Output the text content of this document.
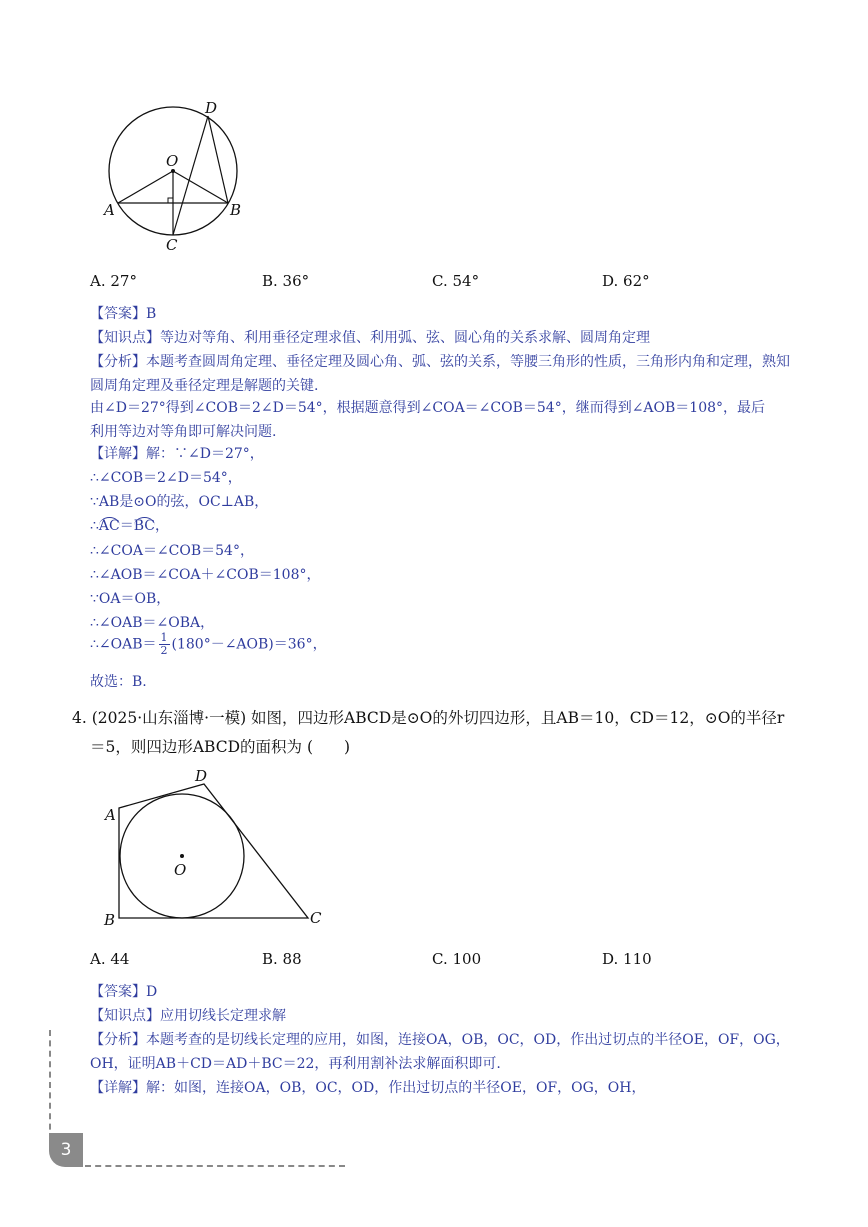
D
O
A	B
C
A. 27°	B. 36°	C. 54°	D. 62°
【答案】B
【知识点】等边对等角、利用垂径定理求值、利用弧、弦、圆心角的关系求解、圆周角定理
【分析】本题考查圆周角定理、垂径定理及圆心角、弧、弦的关系，等腰三角形的性质，三角形内角和定理，熟知
圆周角定理及垂径定理是解题的关键.
由∠D＝27°得到∠COB＝2∠D＝54°，根据题意得到∠COA＝∠COB＝54°，继而得到∠AOB＝108°，最后
利用等边对等角即可解决问题.
【详解】解：∵∠D＝27°，
∴∠COB＝2∠D＝54°，
∵AB是⊙O的弦，OC⊥AB，
∴AC＝BC，
∴∠COA＝∠COB＝54°，
∴∠AOB＝∠COA＋∠COB＝108°，
∵OA＝OB，
∴∠OAB＝∠OBA，
∴∠OAB＝ $\frac{1}{2}$ (180°－∠AOB)＝36°，
故选：B.
4. (2025·山东淄博·一模) 如图，四边形ABCD是⊙O的外切四边形，且AB＝10，CD＝12，⊙O的半径r
＝5，则四边形ABCD的面积为 (　　)
D
A
O
B	C
A. 44	B. 88	C. 100	D. 110
【答案】D
【知识点】应用切线长定理求解
【分析】本题考查的是切线长定理的应用，如图，连接OA，OB，OC，OD，作出过切点的半径OE，OF，OG，
OH，证明AB＋CD＝AD＋BC＝22，再利用割补法求解面积即可.
【详解】解：如图，连接OA，OB，OC，OD，作出过切点的半径OE，OF，OG，OH，
3
